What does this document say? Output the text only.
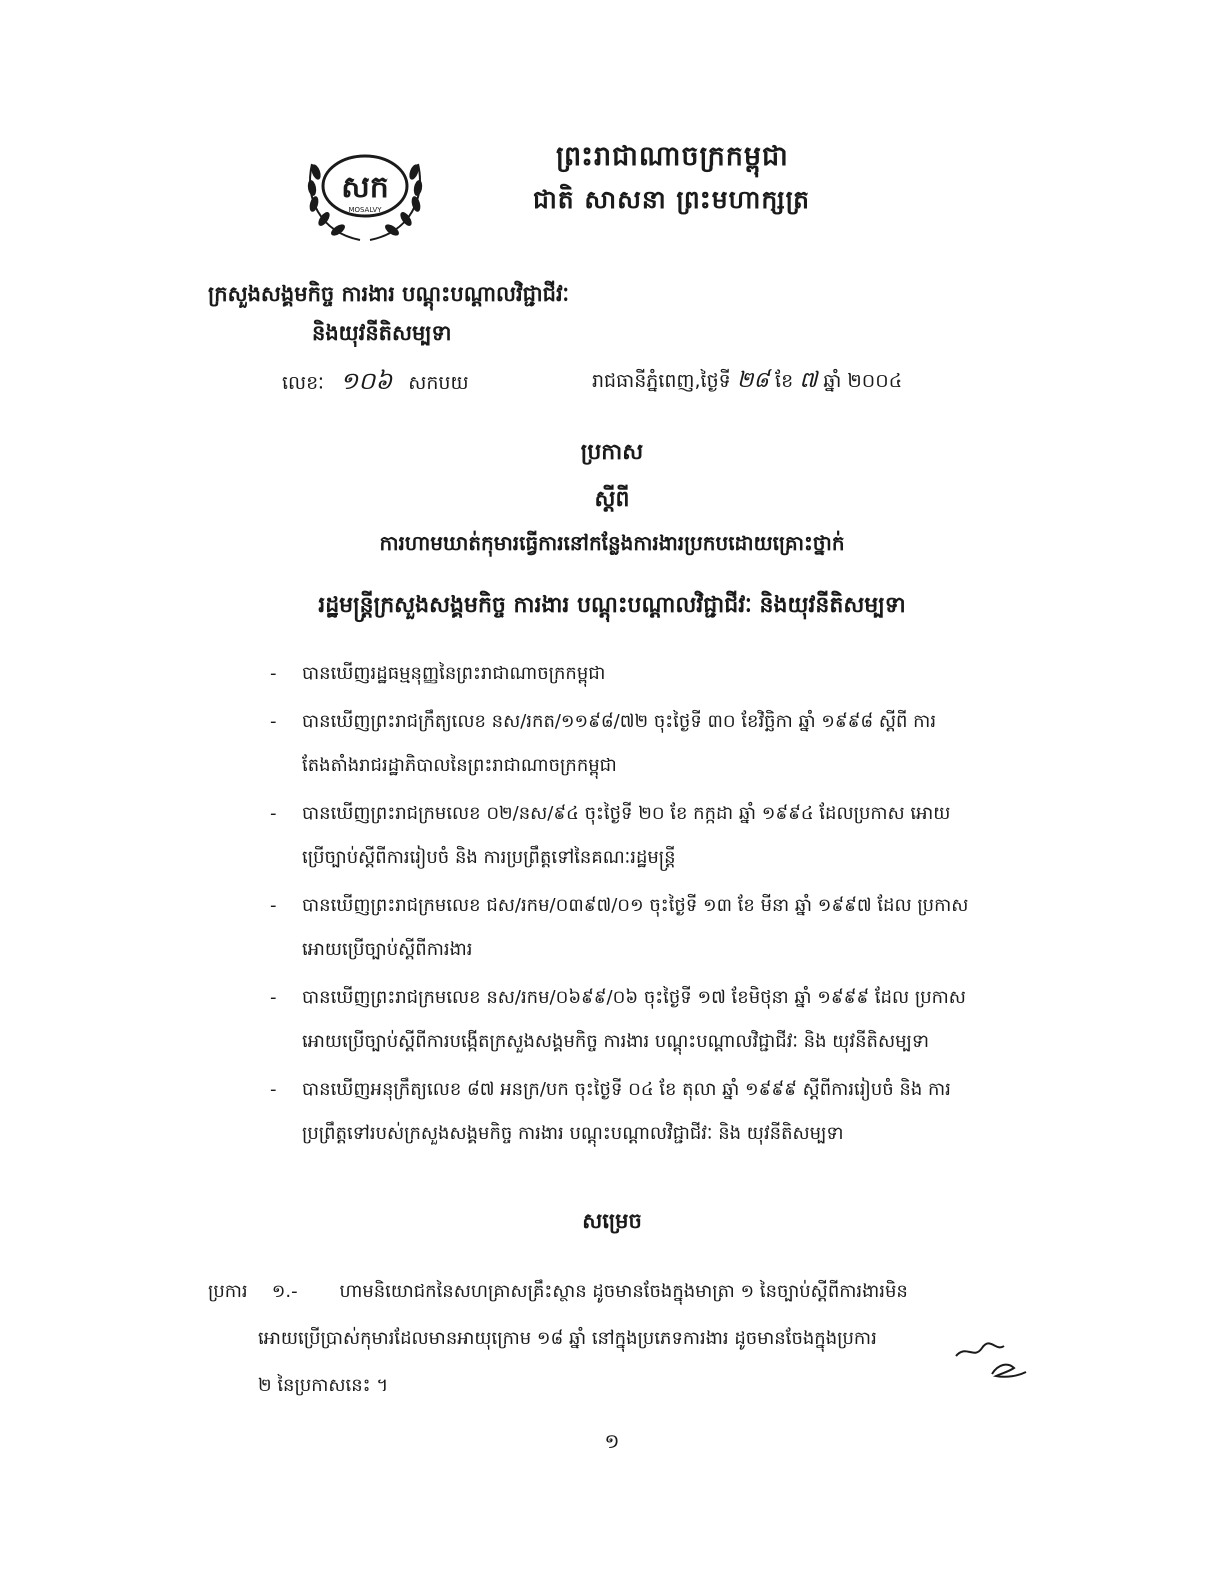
សក
MOSALVY
ព្រះរាជាណាចក្រកម្ពុជា
ជាតិ សាសនា ព្រះមហាក្សត្រ
ក្រសួងសង្គមកិច្ច ការងារ បណ្តុះបណ្តាលវិជ្ជាជីវៈ
និងយុវនីតិសម្បទា
លេខៈ ១០៦ សកបយ	រាជធានីភ្នំពេញ,ថ្ងៃទី ២៨ ខែ ៧ ឆ្នាំ ២០០៤
ប្រកាស
ស្តីពី
ការហាមឃាត់កុមារធ្វើការនៅកន្លែងការងារប្រកបដោយគ្រោះថ្នាក់
រដ្ឋមន្ត្រីក្រសួងសង្គមកិច្ច ការងារ បណ្តុះបណ្តាលវិជ្ជាជីវៈ និងយុវនីតិសម្បទា
- បានឃើញរដ្ឋធម្មនុញ្ញនៃព្រះរាជាណាចក្រកម្ពុជា
- បានឃើញព្រះរាជក្រឹត្យលេខ នស/រកត/១១៩៨/៧២ ចុះថ្ងៃទី ៣០ ខែវិច្ឆិកា ឆ្នាំ ១៩៩៨ ស្តីពី ការតែងតាំងរាជរដ្ឋាភិបាលនៃព្រះរាជាណាចក្រកម្ពុជា
- បានឃើញព្រះរាជក្រមលេខ ០២/នស/៩៤ ចុះថ្ងៃទី ២០ ខែ កក្កដា ឆ្នាំ ១៩៩៤ ដែលប្រកាស អោយប្រើច្បាប់ស្តីពីការរៀបចំ និង ការប្រព្រឹត្តទៅនៃគណៈរដ្ឋមន្ត្រី
- បានឃើញព្រះរាជក្រមលេខ ជស/រកម/០៣៩៧/០១ ចុះថ្ងៃទី ១៣ ខែ មីនា ឆ្នាំ ១៩៩៧ ដែល ប្រកាសអោយប្រើច្បាប់ស្តីពីការងារ
- បានឃើញព្រះរាជក្រមលេខ នស/រកម/០៦៩៩/០៦ ចុះថ្ងៃទី ១៧ ខែមិថុនា ឆ្នាំ ១៩៩៩ ដែល ប្រកាសអោយប្រើច្បាប់ស្តីពីការបង្កើតក្រសួងសង្គមកិច្ច ការងារ បណ្តុះបណ្តាលវិជ្ជាជីវៈ និង យុវនីតិសម្បទា
- បានឃើញអនុក្រឹត្យលេខ ៨៧ អនក្រ/បក ចុះថ្ងៃទី ០៤ ខែ តុលា ឆ្នាំ ១៩៩៩ ស្តីពីការរៀបចំ និង ការប្រព្រឹត្តទៅរបស់ក្រសួងសង្គមកិច្ច ការងារ បណ្តុះបណ្តាលវិជ្ជាជីវៈ និង យុវនីតិសម្បទា
សម្រេច
ប្រការ ១.- ហាមនិយោជកនៃសហគ្រាសគ្រឹះស្ថាន ដូចមានចែងក្នុងមាត្រា ១ នៃច្បាប់ស្តីពីការងារមិន
អោយប្រើប្រាស់កុមារដែលមានអាយុក្រោម ១៨ ឆ្នាំ នៅក្នុងប្រភេទការងារ ដូចមានចែងក្នុងប្រការ
២ នៃប្រកាសនេះ ។
១
